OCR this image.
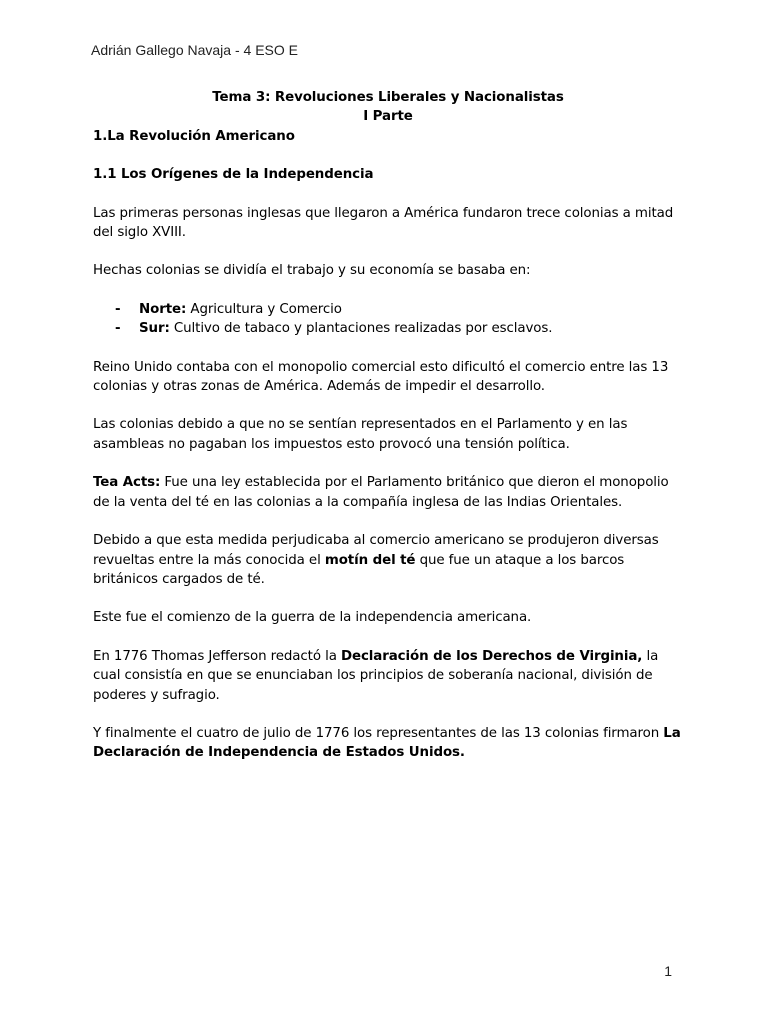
Adrián Gallego Navaja - 4 ESO E
Tema 3: Revoluciones Liberales y Nacionalistas
I Parte

1.La Revolución Americano

1.1 Los Orígenes de la Independencia

Las primeras personas inglesas que llegaron a América fundaron trece colonias a mitad del siglo XVIII.

Hechas colonias se dividía el trabajo y su economía se basaba en:

- Norte: Agricultura y Comercio
- Sur: Cultivo de tabaco y plantaciones realizadas por esclavos.

Reino Unido contaba con el monopolio comercial esto dificultó el comercio entre las 13 colonias y otras zonas de América. Además de impedir el desarrollo.

Las colonias debido a que no se sentían representados en el Parlamento y en las asambleas no pagaban los impuestos esto provocó una tensión política.

Tea Acts: Fue una ley establecida por el Parlamento británico que dieron el monopolio de la venta del té en las colonias a la compañía inglesa de las Indias Orientales.

Debido a que esta medida perjudicaba al comercio americano se produjeron diversas revueltas entre la más conocida el motín del té que fue un ataque a los barcos británicos cargados de té.

Este fue el comienzo de la guerra de la independencia americana.

En 1776 Thomas Jefferson redactó la Declaración de los Derechos de Virginia, la cual consistía en que se enunciaban los principios de soberanía nacional, división de poderes y sufragio.

Y finalmente el cuatro de julio de 1776 los representantes de las 13 colonias firmaron La Declaración de Independencia de Estados Unidos.

1
